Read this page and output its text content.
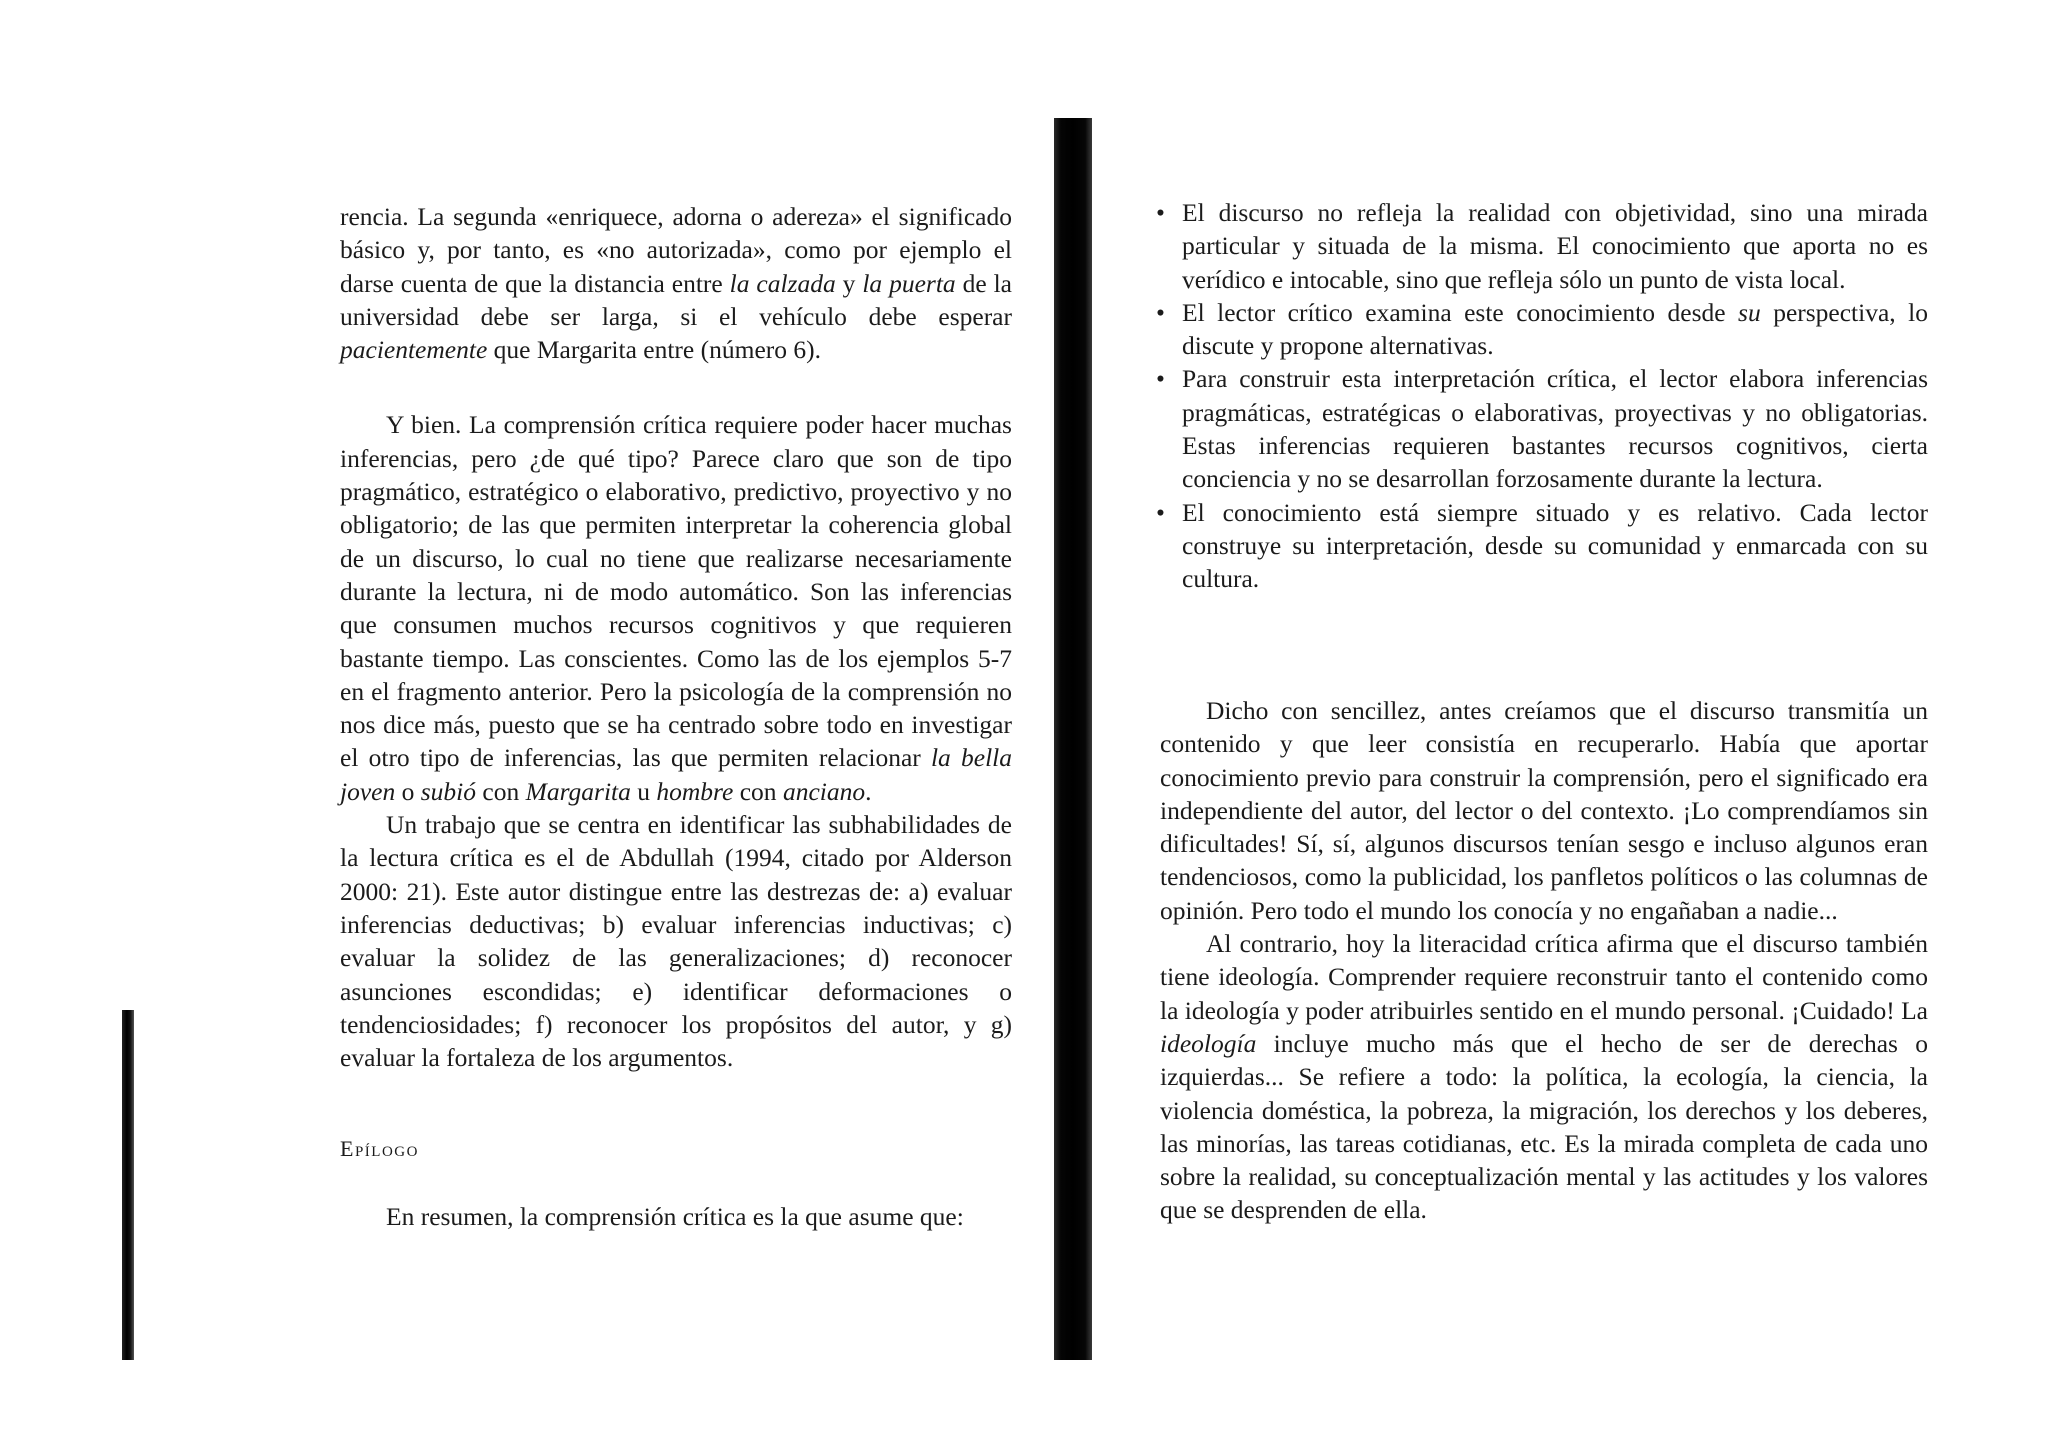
rencia. La segunda «enriquece, adorna o adereza» el significado básico y, por tanto, es «no autorizada», como por ejemplo el darse cuenta de que la distancia entre la calzada y la puerta de la universidad debe ser larga, si el vehículo debe esperar pacientemente que Margarita entre (número 6).

Y bien. La comprensión crítica requiere poder hacer muchas inferencias, pero ¿de qué tipo? Parece claro que son de tipo pragmático, estratégico o elaborativo, predictivo, proyectivo y no obligatorio; de las que permiten interpretar la coherencia global de un discurso, lo cual no tiene que realizarse necesariamente durante la lectura, ni de modo automático. Son las inferencias que consumen muchos recursos cognitivos y que requieren bastante tiempo. Las conscientes. Como las de los ejemplos 5-7 en el fragmento anterior. Pero la psicología de la comprensión no nos dice más, puesto que se ha centrado sobre todo en investigar el otro tipo de inferencias, las que permiten relacionar la bella joven o subió con Margarita u hombre con anciano.

Un trabajo que se centra en identificar las subhabilidades de la lectura crítica es el de Abdullah (1994, citado por Alderson 2000: 21). Este autor distingue entre las destrezas de: a) evaluar inferencias deductivas; b) evaluar inferencias inductivas; c) evaluar la solidez de las generalizaciones; d) reconocer asunciones escondidas; e) identificar deformaciones o tendenciosidades; f) reconocer los propósitos del autor, y g) evaluar la fortaleza de los argumentos.

Epílogo

En resumen, la comprensión crítica es la que asume que:

• El discurso no refleja la realidad con objetividad, sino una mirada particular y situada de la misma. El conocimiento que aporta no es verídico e intocable, sino que refleja sólo un punto de vista local.
• El lector crítico examina este conocimiento desde su perspectiva, lo discute y propone alternativas.
• Para construir esta interpretación crítica, el lector elabora inferencias pragmáticas, estratégicas o elaborativas, proyectivas y no obligatorias. Estas inferencias requieren bastantes recursos cognitivos, cierta conciencia y no se desarrollan forzosamente durante la lectura.
• El conocimiento está siempre situado y es relativo. Cada lector construye su interpretación, desde su comunidad y enmarcada con su cultura.

Dicho con sencillez, antes creíamos que el discurso transmitía un contenido y que leer consistía en recuperarlo. Había que aportar conocimiento previo para construir la comprensión, pero el significado era independiente del autor, del lector o del contexto. ¡Lo comprendíamos sin dificultades! Sí, sí, algunos discursos tenían sesgo e incluso algunos eran tendenciosos, como la publicidad, los panfletos políticos o las columnas de opinión. Pero todo el mundo los conocía y no engañaban a nadie...

Al contrario, hoy la literacidad crítica afirma que el discurso también tiene ideología. Comprender requiere reconstruir tanto el contenido como la ideología y poder atribuirles sentido en el mundo personal. ¡Cuidado! La ideología incluye mucho más que el hecho de ser de derechas o izquierdas... Se refiere a todo: la política, la ecología, la ciencia, la violencia doméstica, la pobreza, la migración, los derechos y los deberes, las minorías, las tareas cotidianas, etc. Es la mirada completa de cada uno sobre la realidad, su conceptualización mental y las actitudes y los valores que se desprenden de ella.
